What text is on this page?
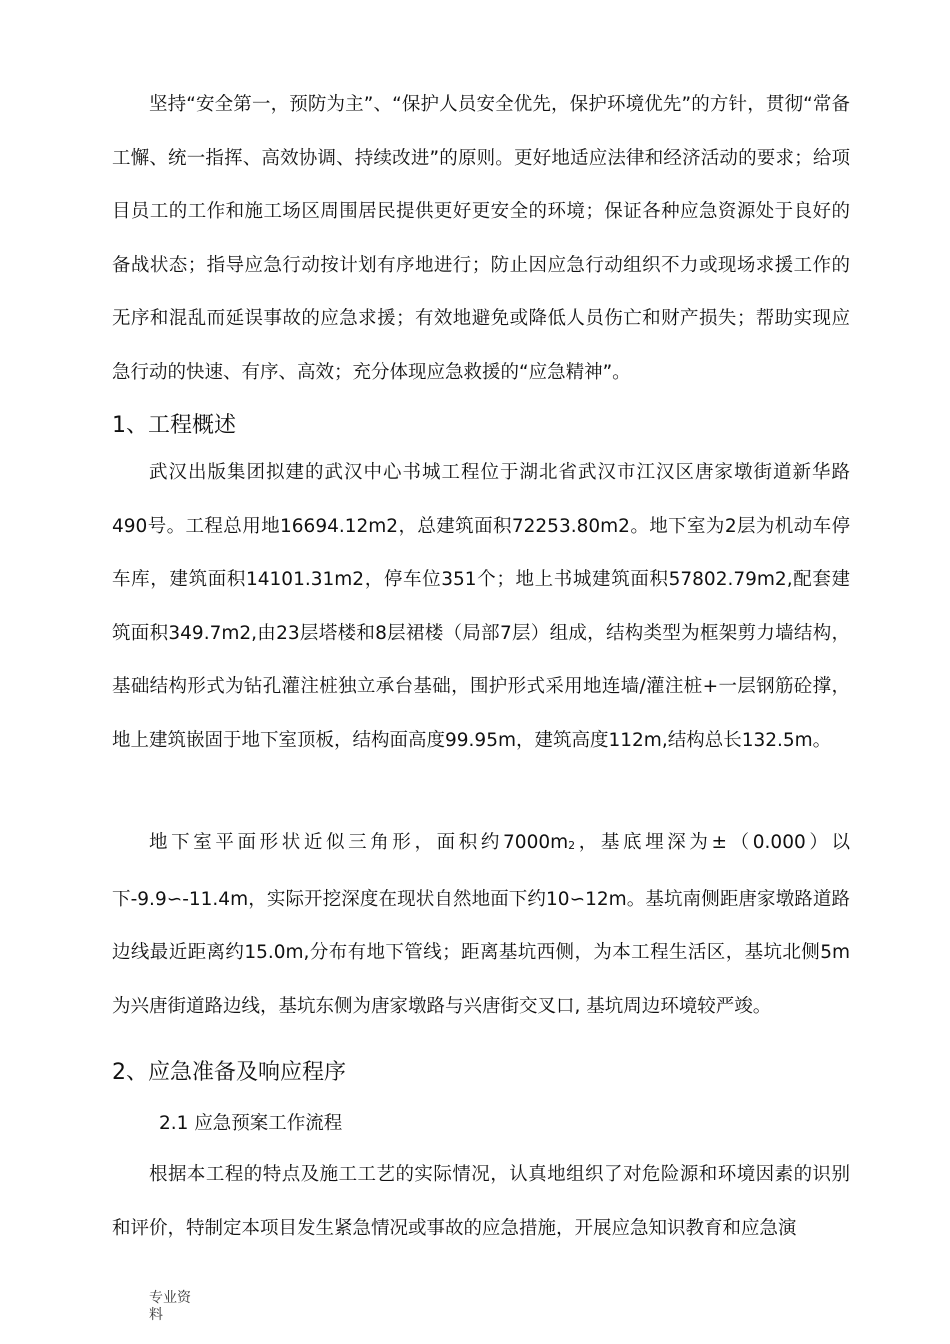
坚持“安全第一，预防为主”、“保护人员安全优先，保护环境优先”的方针，贯彻“常备工懈、统一指挥、高效协调、持续改进”的原则。更好地适应法律和经济活动的要求；给项目员工的工作和施工场区周围居民提供更好更安全的环境；保证各种应急资源处于良好的备战状态；指导应急行动按计划有序地进行；防止因应急行动组织不力或现场求援工作的无序和混乱而延误事故的应急求援；有效地避免或降低人员伤亡和财产损失；帮助实现应急行动的快速、有序、高效；充分体现应急救援的“应急精神”。

1、工程概述

武汉出版集团拟建的武汉中心书城工程位于湖北省武汉市江汉区唐家墩街道新华路490号。工程总用地16694.12m2，总建筑面积72253.80m2。地下室为2层为机动车停车库，建筑面积14101.31m2，停车位351个；地上书城建筑面积57802.79m2,配套建筑面积349.7m2,由23层塔楼和8层裙楼（局部7层）组成，结构类型为框架剪力墙结构，基础结构形式为钻孔灌注桩独立承台基础，围护形式采用地连墙/灌注桩+一层钢筋砼撑，地上建筑嵌固于地下室顶板，结构面高度99.95m，建筑高度112m,结构总长132.5m。

地下室平面形状近似三角形，面积约$7000m_2$，基底埋深为±（0.000）以下-9.9∽-11.4m，实际开挖深度在现状自然地面下约10∽12m。基坑南侧距唐家墩路道路边线最近距离约15.0m,分布有地下管线；距离基坑西侧，为本工程生活区，基坑北侧5m为兴唐街道路边线，基坑东侧为唐家墩路与兴唐街交叉口, 基坑周边环境较严竣。

2、应急准备及响应程序
2.1 应急预案工作流程

根据本工程的特点及施工工艺的实际情况，认真地组织了对危险源和环境因素的识别和评价，特制定本项目发生紧急情况或事故的应急措施，开展应急知识教育和应急演

专业资
料
